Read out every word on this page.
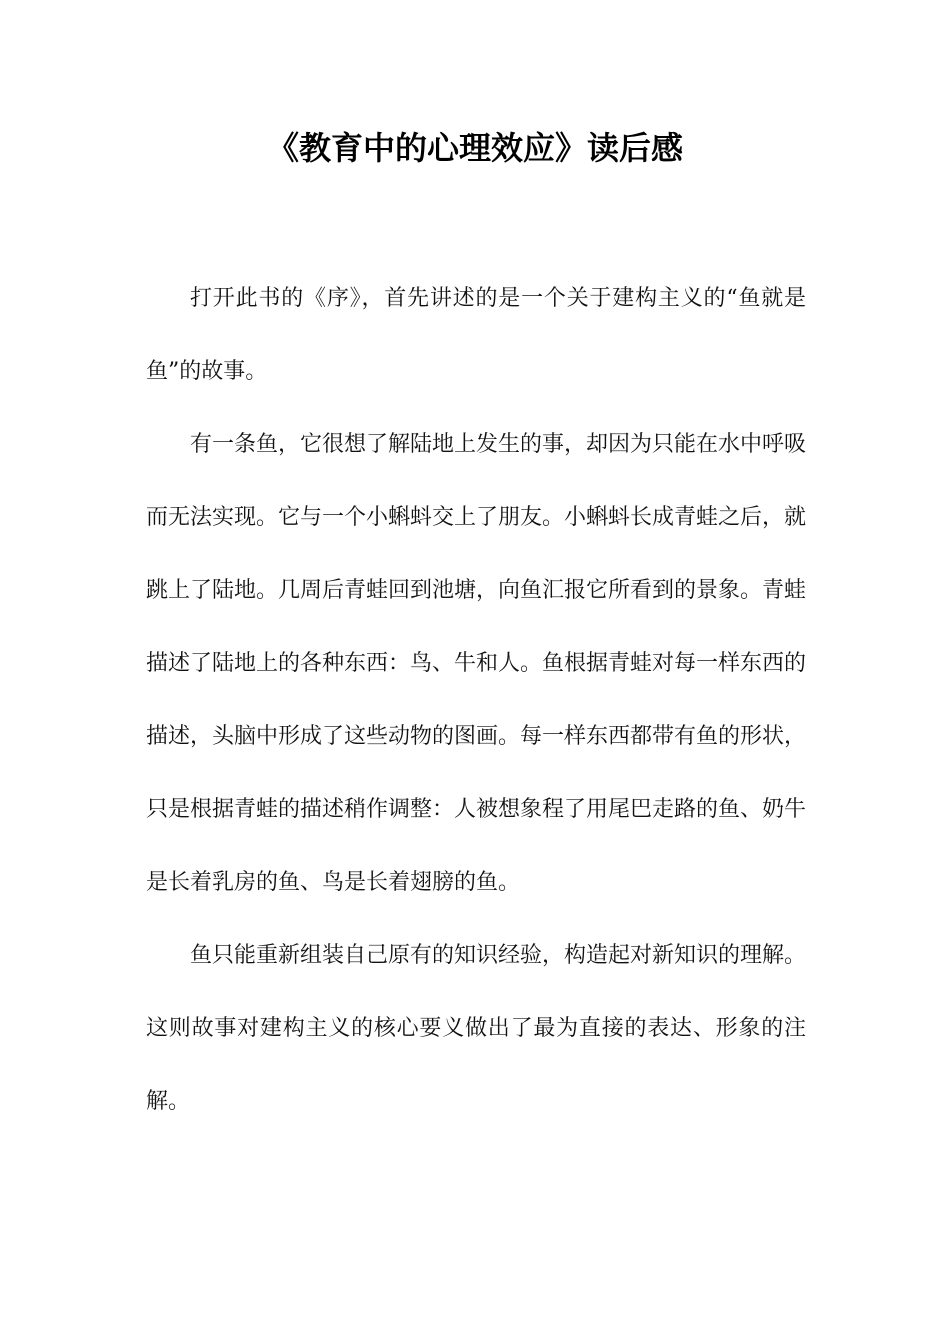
《教育中的心理效应》读后感

打开此书的《序》，首先讲述的是一个关于建构主义的“鱼就是鱼”的故事。

有一条鱼，它很想了解陆地上发生的事，却因为只能在水中呼吸而无法实现。它与一个小蝌蚪交上了朋友。小蝌蚪长成青蛙之后，就跳上了陆地。几周后青蛙回到池塘，向鱼汇报它所看到的景象。青蛙描述了陆地上的各种东西：鸟、牛和人。鱼根据青蛙对每一样东西的描述，头脑中形成了这些动物的图画。每一样东西都带有鱼的形状，只是根据青蛙的描述稍作调整：人被想象程了用尾巴走路的鱼、奶牛是长着乳房的鱼、鸟是长着翅膀的鱼。

鱼只能重新组装自己原有的知识经验，构造起对新知识的理解。这则故事对建构主义的核心要义做出了最为直接的表达、形象的注解。
